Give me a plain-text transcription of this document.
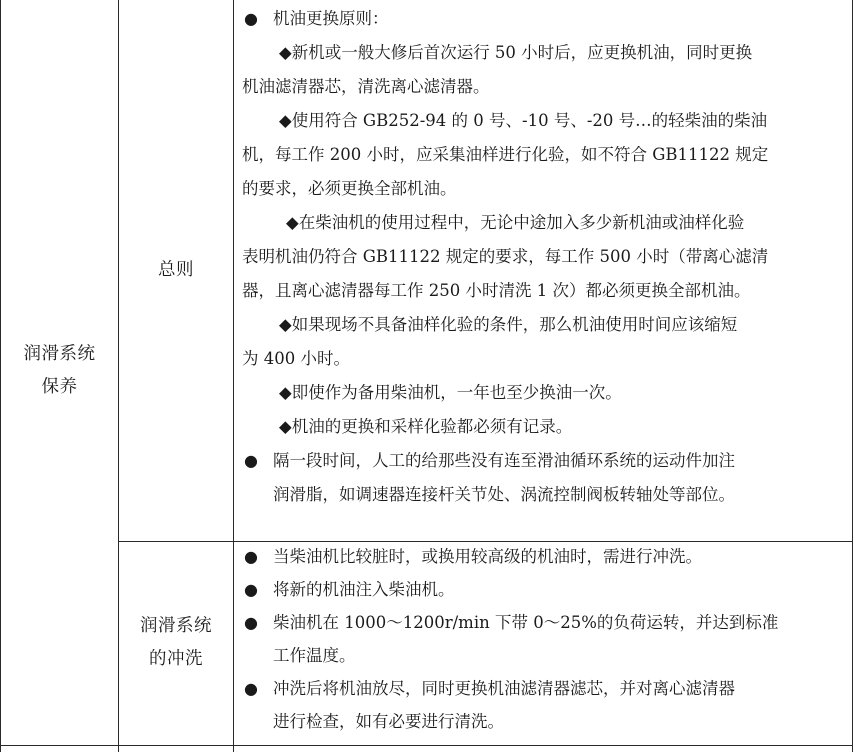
润滑系统
保养
总则
润滑系统
的冲洗
● 机油更换原则：
◆新机或一般大修后首次运行 50 小时后，应更换机油，同时更换
机油滤清器芯，清洗离心滤清器。
◆使用符合 GB252-94 的 0 号、-10 号、-20 号…的轻柴油的柴油
机，每工作 200 小时，应采集油样进行化验，如不符合 GB11122 规定
的要求，必须更换全部机油。
◆在柴油机的使用过程中，无论中途加入多少新机油或油样化验
表明机油仍符合 GB11122 规定的要求，每工作 500 小时（带离心滤清
器，且离心滤清器每工作 250 小时清洗 1 次）都必须更换全部机油。
◆如果现场不具备油样化验的条件，那么机油使用时间应该缩短
为 400 小时。
◆即使作为备用柴油机，一年也至少换油一次。
◆机油的更换和采样化验都必须有记录。
● 隔一段时间，人工的给那些没有连至滑油循环系统的运动件加注
润滑脂，如调速器连接杆关节处、涡流控制阀板转轴处等部位。
● 当柴油机比较脏时，或换用较高级的机油时，需进行冲洗。
● 将新的机油注入柴油机。
● 柴油机在 1000～1200r/min 下带 0～25%的负荷运转，并达到标准
工作温度。
● 冲洗后将机油放尽，同时更换机油滤清器滤芯，并对离心滤清器
进行检查，如有必要进行清洗。
